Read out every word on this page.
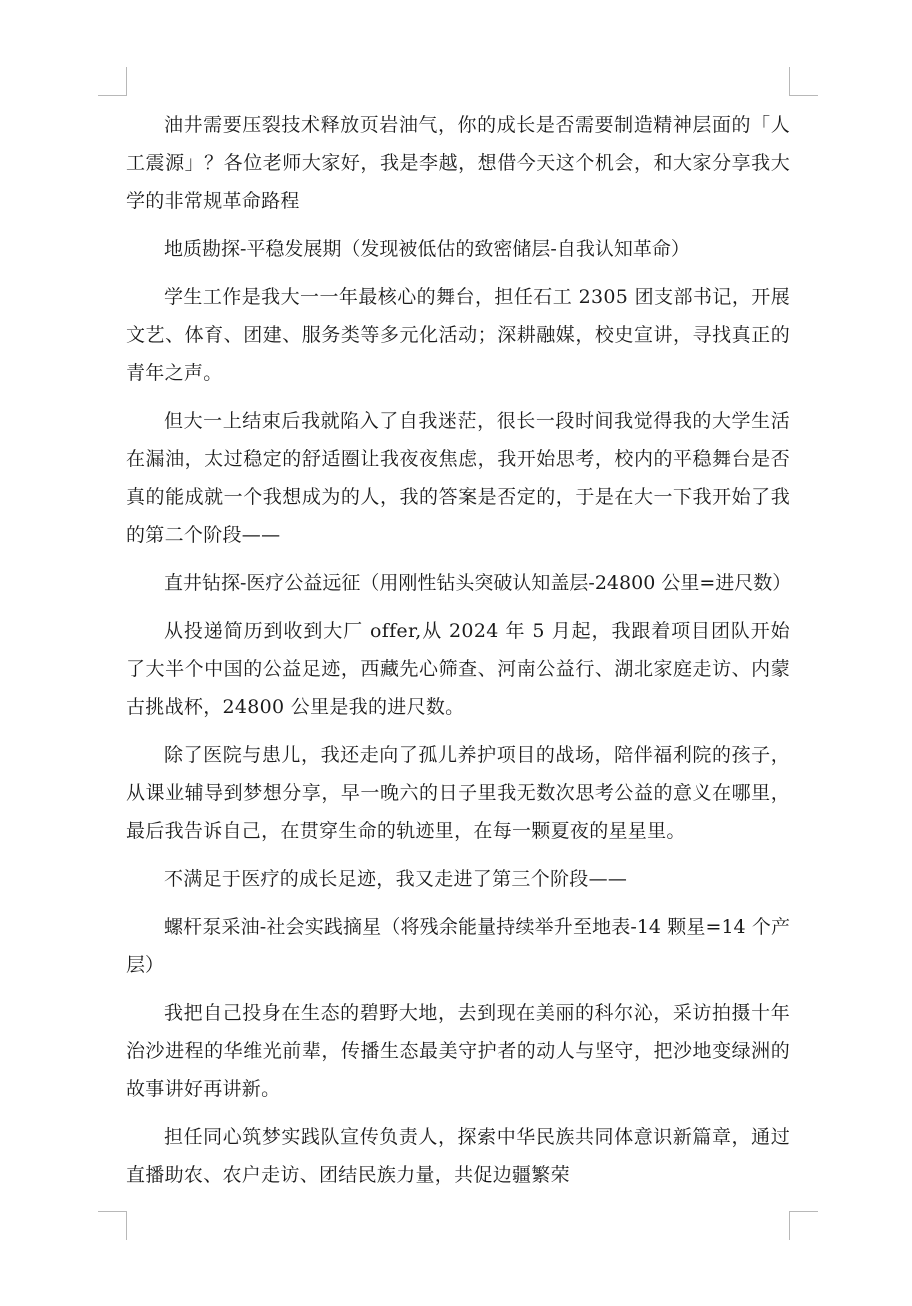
油井需要压裂技术释放页岩油气，你的成长是否需要制造精神层面的「人工震源」？各位老师大家好，我是李越，想借今天这个机会，和大家分享我大学的非常规革命路程

地质勘探-平稳发展期（发现被低估的致密储层-自我认知革命）

学生工作是我大一一年最核心的舞台，担任石工 2305 团支部书记，开展文艺、体育、团建、服务类等多元化活动；深耕融媒，校史宣讲，寻找真正的青年之声。

但大一上结束后我就陷入了自我迷茫，很长一段时间我觉得我的大学生活在漏油，太过稳定的舒适圈让我夜夜焦虑，我开始思考，校内的平稳舞台是否真的能成就一个我想成为的人，我的答案是否定的，于是在大一下我开始了我的第二个阶段——

直井钻探-医疗公益远征（用刚性钻头突破认知盖层-24800 公里=进尺数）

从投递简历到收到大厂 offer,从 2024 年 5 月起，我跟着项目团队开始了大半个中国的公益足迹，西藏先心筛查、河南公益行、湖北家庭走访、内蒙古挑战杯，24800 公里是我的进尺数。

除了医院与患儿，我还走向了孤儿养护项目的战场，陪伴福利院的孩子，从课业辅导到梦想分享，早一晚六的日子里我无数次思考公益的意义在哪里，最后我告诉自己，在贯穿生命的轨迹里，在每一颗夏夜的星星里。

不满足于医疗的成长足迹，我又走进了第三个阶段——

螺杆泵采油-社会实践摘星（将残余能量持续举升至地表-14 颗星=14 个产层）

我把自己投身在生态的碧野大地，去到现在美丽的科尔沁，采访拍摄十年治沙进程的华维光前辈，传播生态最美守护者的动人与坚守，把沙地变绿洲的故事讲好再讲新。

担任同心筑梦实践队宣传负责人，探索中华民族共同体意识新篇章，通过直播助农、农户走访、团结民族力量，共促边疆繁荣
